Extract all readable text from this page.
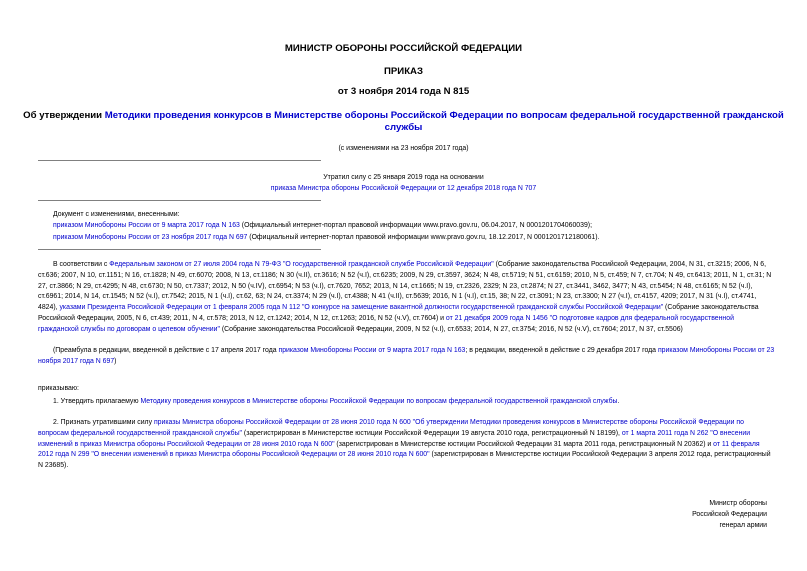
МИНИСТР ОБОРОНЫ РОССИЙСКОЙ ФЕДЕРАЦИИ
ПРИКАЗ
от 3 ноября 2014 года N 815
Об утверждении Методики проведения конкурсов в Министерстве обороны Российской Федерации по вопросам федеральной государственной гражданской
службы
(с изменениями на 23 ноября 2017 года)
Утратил силу с 25 января 2019 года на основании
приказа Министра обороны Российской Федерации от 12 декабря 2018 года N 707
Документ с изменениями, внесенными:
приказом Минобороны России от 9 марта 2017 года N 163 (Официальный интернет-портал правовой информации www.pravo.gov.ru, 06.04.2017, N 0001201704060039);
приказом Минобороны России от 23 ноября 2017 года N 697 (Официальный интернет-портал правовой информации www.pravo.gov.ru, 18.12.2017, N 0001201712180061).
В соответствии с Федеральным законом от 27 июля 2004 года N 79-ФЗ "О государственной гражданской службе Российской Федерации" (Собрание законодательства Российской Федерации, 2004, N 31, ст.3215; 2006, N 6, ст.636; 2007, N 10, ст.1151; N 16, ст.1828; N 49, ст.6070; 2008, N 13, ст.1186; N 30 (ч.II), ст.3616; N 52 (ч.I), ст.6235; 2009, N 29, ст.3597, 3624; N 48, ст.5719; N 51, ст.6159; 2010, N 5, ст.459; N 7, ст.704; N 49, ст.6413; 2011, N 1, ст.31; N 27, ст.3866; N 29, ст.4295; N 48, ст.6730; N 50, ст.7337; 2012, N 50 (ч.IV), ст.6954; N 53 (ч.I), ст.7620, 7652; 2013, N 14, ст.1665; N 19, ст.2326, 2329; N 23, ст.2874; N 27, ст.3441, 3462, 3477; N 43, ст.5454; N 48, ст.6165; N 52 (ч.I), ст.6961; 2014, N 14, ст.1545; N 52 (ч.I), ст.7542; 2015, N 1 (ч.I), ст.62, 63; N 24, ст.3374; N 29 (ч.I), ст.4388; N 41 (ч.II), ст.5639; 2016, N 1 (ч.I), ст.15, 38; N 22, ст.3091; N 23, ст.3300; N 27 (ч.I), ст.4157, 4209; 2017, N 31 (ч.I), ст.4741, 4824), указами Президента Российской Федерации от 1 февраля 2005 года N 112 "О конкурсе на замещение вакантной должности государственной гражданской службы Российской Федерации" (Собрание законодательства Российской Федерации, 2005, N 6, ст.439; 2011, N 4, ст.578; 2013, N 12, ст.1242; 2014, N 12, ст.1263; 2016, N 52 (ч.V), ст.7604) и от 21 декабря 2009 года N 1456 "О подготовке кадров для федеральной государственной гражданской службы по договорам о целевом обучении" (Собрание законодательства Российской Федерации, 2009, N 52 (ч.I), ст.6533; 2014, N 27, ст.3754; 2016, N 52 (ч.V), ст.7604; 2017, N 37, ст.5506)
(Преамбула в редакции, введенной в действие с 17 апреля 2017 года приказом Минобороны России от 9 марта 2017 года N 163; в редакции, введенной в действие с 29 декабря 2017 года приказом Минобороны России от 23 ноября 2017 года N 697)
приказываю:
1. Утвердить прилагаемую Методику проведения конкурсов в Министерстве обороны Российской Федерации по вопросам федеральной государственной гражданской службы.
2. Признать утратившими силу приказы Министра обороны Российской Федерации от 28 июня 2010 года N 600 "Об утверждении Методики проведения конкурсов в Министерстве обороны Российской Федерации по вопросам федеральной государственной гражданской службы" (зарегистрирован в Министерстве юстиции Российской Федерации 19 августа 2010 года, регистрационный N 18199), от 1 марта 2011 года N 262 "О внесении изменений в приказ Министра обороны Российской Федерации от 28 июня 2010 года N 600" (зарегистрирован в Министерстве юстиции Российской Федерации 31 марта 2011 года, регистрационный N 20362) и от 11 февраля 2012 года N 299 "О внесении изменений в приказ Министра обороны Российской Федерации от 28 июня 2010 года N 600" (зарегистрирован в Министерстве юстиции Российской Федерации 3 апреля 2012 года, регистрационный N 23685).
Министр обороны
Российской Федерации
генерал армии
